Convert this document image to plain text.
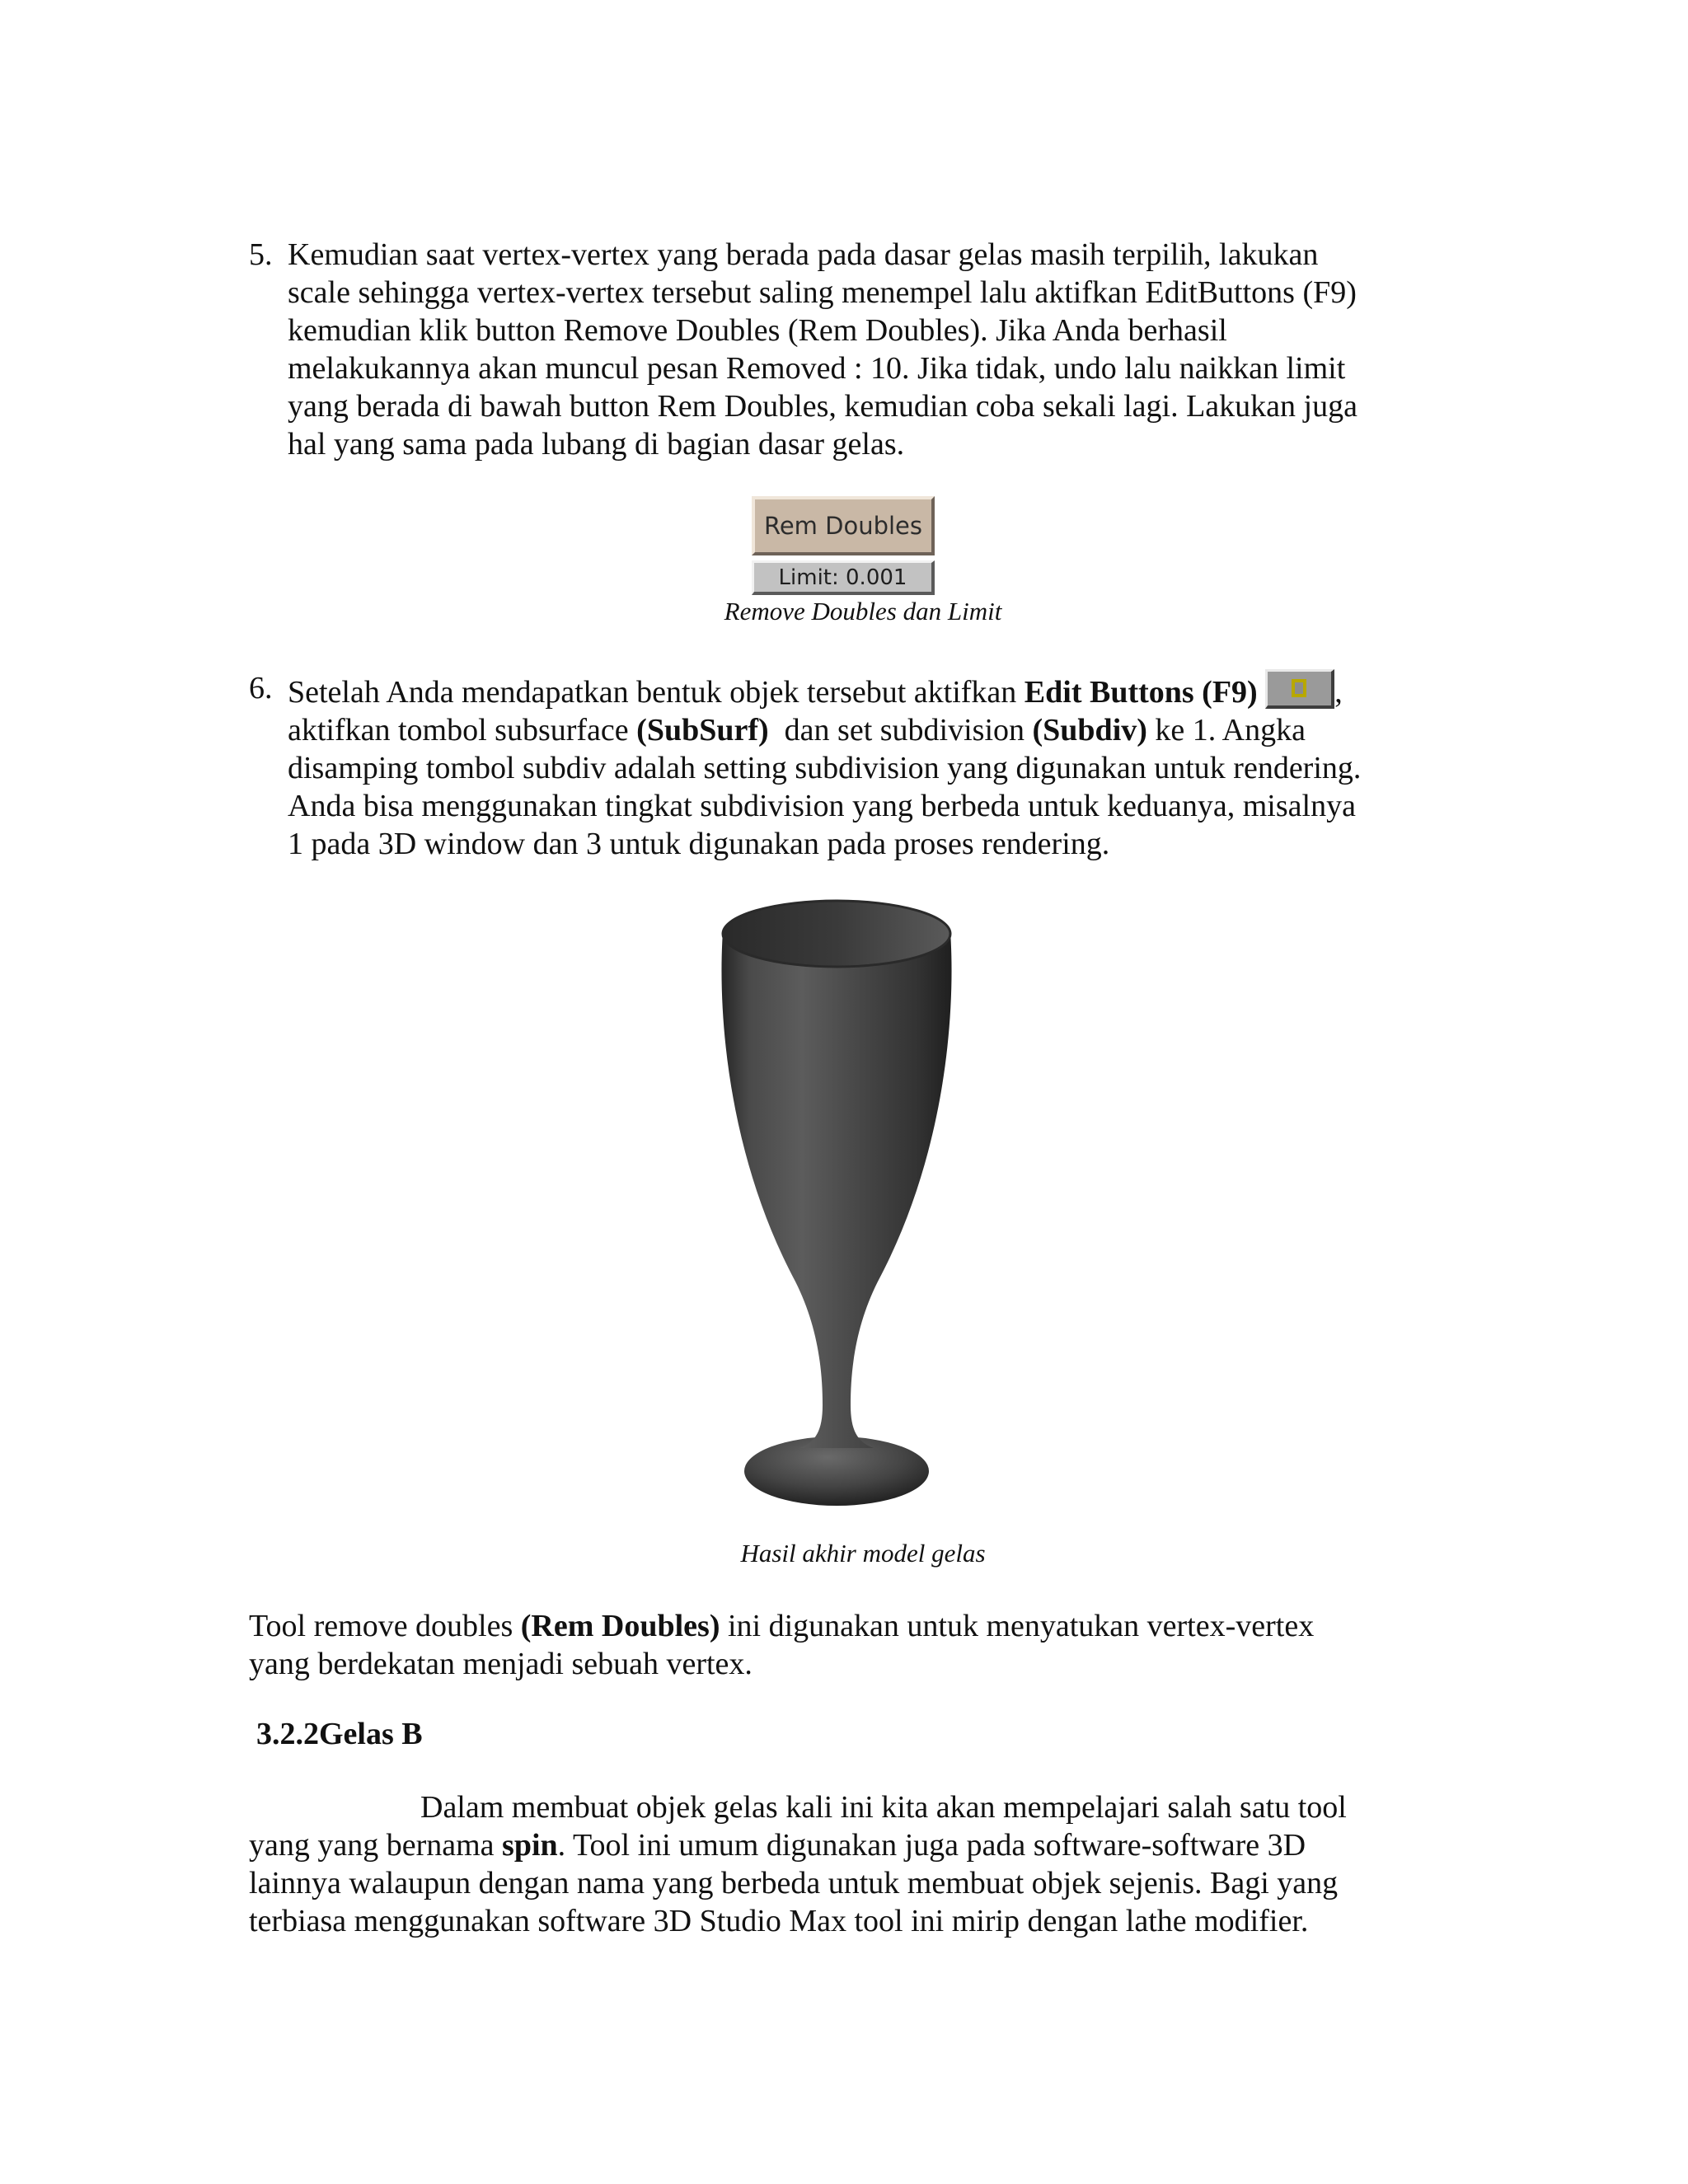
5. Kemudian saat vertex-vertex yang berada pada dasar gelas masih terpilih, lakukan
scale sehingga vertex-vertex tersebut saling menempel lalu aktifkan EditButtons (F9)
kemudian klik button Remove Doubles (Rem Doubles). Jika Anda berhasil
melakukannya akan muncul pesan Removed : 10. Jika tidak, undo lalu naikkan limit
yang berada di bawah button Rem Doubles, kemudian coba sekali lagi. Lakukan juga
hal yang sama pada lubang di bagian dasar gelas.
Rem Doubles
Limit: 0.001
Remove Doubles dan Limit
6. Setelah Anda mendapatkan bentuk objek tersebut aktifkan Edit Buttons (F9) ,
aktifkan tombol subsurface (SubSurf)  dan set subdivision (Subdiv) ke 1. Angka
disamping tombol subdiv adalah setting subdivision yang digunakan untuk rendering.
Anda bisa menggunakan tingkat subdivision yang berbeda untuk keduanya, misalnya
1 pada 3D window dan 3 untuk digunakan pada proses rendering.
Hasil akhir model gelas
Tool remove doubles (Rem Doubles) ini digunakan untuk menyatukan vertex-vertex
yang berdekatan menjadi sebuah vertex.
3.2.2Gelas B
Dalam membuat objek gelas kali ini kita akan mempelajari salah satu tool
yang yang bernama spin. Tool ini umum digunakan juga pada software-software 3D
lainnya walaupun dengan nama yang berbeda untuk membuat objek sejenis. Bagi yang
terbiasa menggunakan software 3D Studio Max tool ini mirip dengan lathe modifier.
